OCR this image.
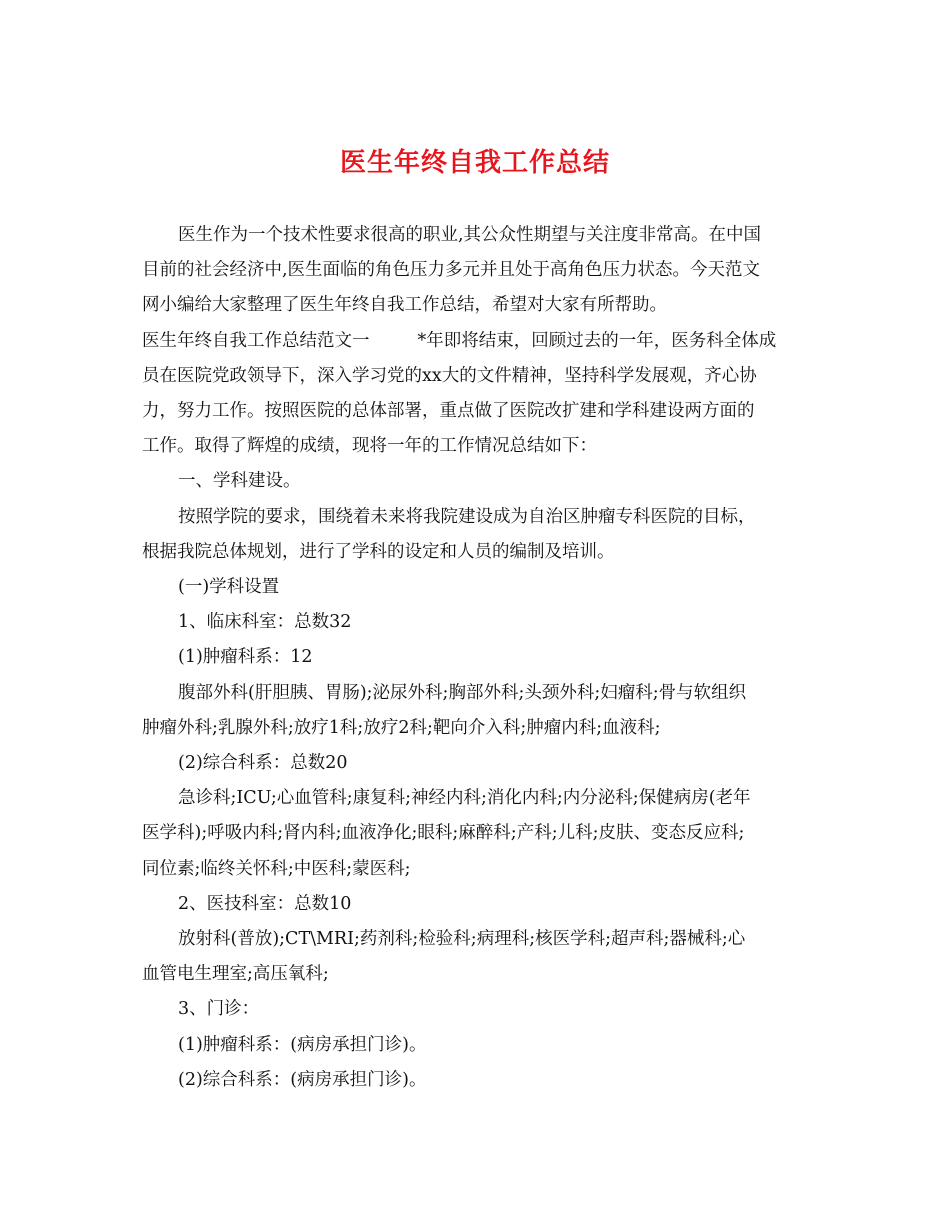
医生年终自我工作总结

医生作为一个技术性要求很高的职业,其公众性期望与关注度非常高。在中国

目前的社会经济中,医生面临的角色压力多元并且处于高角色压力状态。今天范文

网小编给大家整理了医生年终自我工作总结，希望对大家有所帮助。

医生年终自我工作总结范文一	*年即将结束，回顾过去的一年，医务科全体成

员在医院党政领导下，深入学习党的xx大的文件精神，坚持科学发展观，齐心协

力，努力工作。按照医院的总体部署，重点做了医院改扩建和学科建设两方面的

工作。取得了辉煌的成绩，现将一年的工作情况总结如下：

一、学科建设。

按照学院的要求，围绕着未来将我院建设成为自治区肿瘤专科医院的目标，

根据我院总体规划，进行了学科的设定和人员的编制及培训。

(一)学科设置

1、临床科室：总数32

(1)肿瘤科系：12

腹部外科(肝胆胰、胃肠);泌尿外科;胸部外科;头颈外科;妇瘤科;骨与软组织

肿瘤外科;乳腺外科;放疗1科;放疗2科;靶向介入科;肿瘤内科;血液科;

(2)综合科系：总数20

急诊科;ICU;心血管科;康复科;神经内科;消化内科;内分泌科;保健病房(老年

医学科);呼吸内科;肾内科;血液净化;眼科;麻醉科;产科;儿科;皮肤、变态反应科;

同位素;临终关怀科;中医科;蒙医科;

2、医技科室：总数10

放射科(普放);CT\MRI;药剂科;检验科;病理科;核医学科;超声科;器械科;心

血管电生理室;高压氧科;

3、门诊：

(1)肿瘤科系：(病房承担门诊)。

(2)综合科系：(病房承担门诊)。
